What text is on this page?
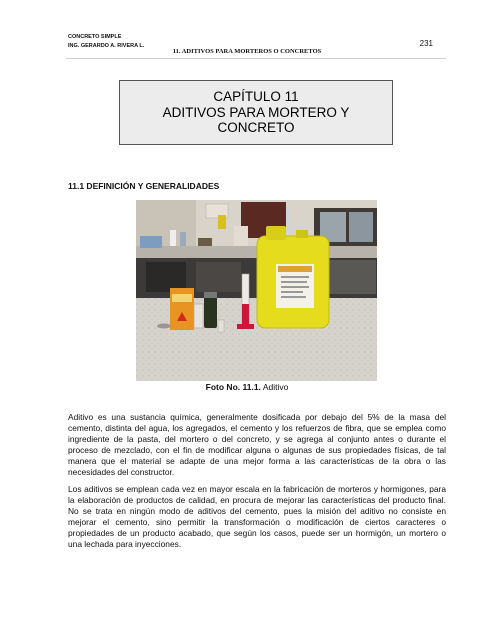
CONCRETO SIMPLE
ING. GERARDO A. RIVERA L.	231
11. ADITIVOS PARA MORTEROS O CONCRETOS
CAPÍTULO 11
ADITIVOS PARA MORTERO Y
CONCRETO
11.1 DEFINICIÓN Y GENERALIDADES
Foto No. 11.1. Aditivo

Aditivo es una sustancia química, generalmente dosificada por debajo del 5% de la masa del cemento, distinta del agua, los agregados, el cemento y los refuerzos de fibra, que se emplea como ingrediente de la pasta, del mortero o del concreto, y se agrega al conjunto antes o durante el proceso de mezclado, con el fin de modificar alguna o algunas de sus propiedades físicas, de tal manera que el material se adapte de una mejor forma a las características de la obra o las necesidades del constructor.

Los aditivos se emplean cada vez en mayor escala en la fabricación de morteros y hormigones, para la elaboración de productos de calidad, en procura de mejorar las características del producto final. No se trata en ningún modo de aditivos del cemento, pues la misión del aditivo no consiste en mejorar el cemento, sino permitir la transformación o modificación de ciertos caracteres o propiedades de un producto acabado, que según los casos, puede ser un hormigón, un mortero o una lechada para inyecciones.
